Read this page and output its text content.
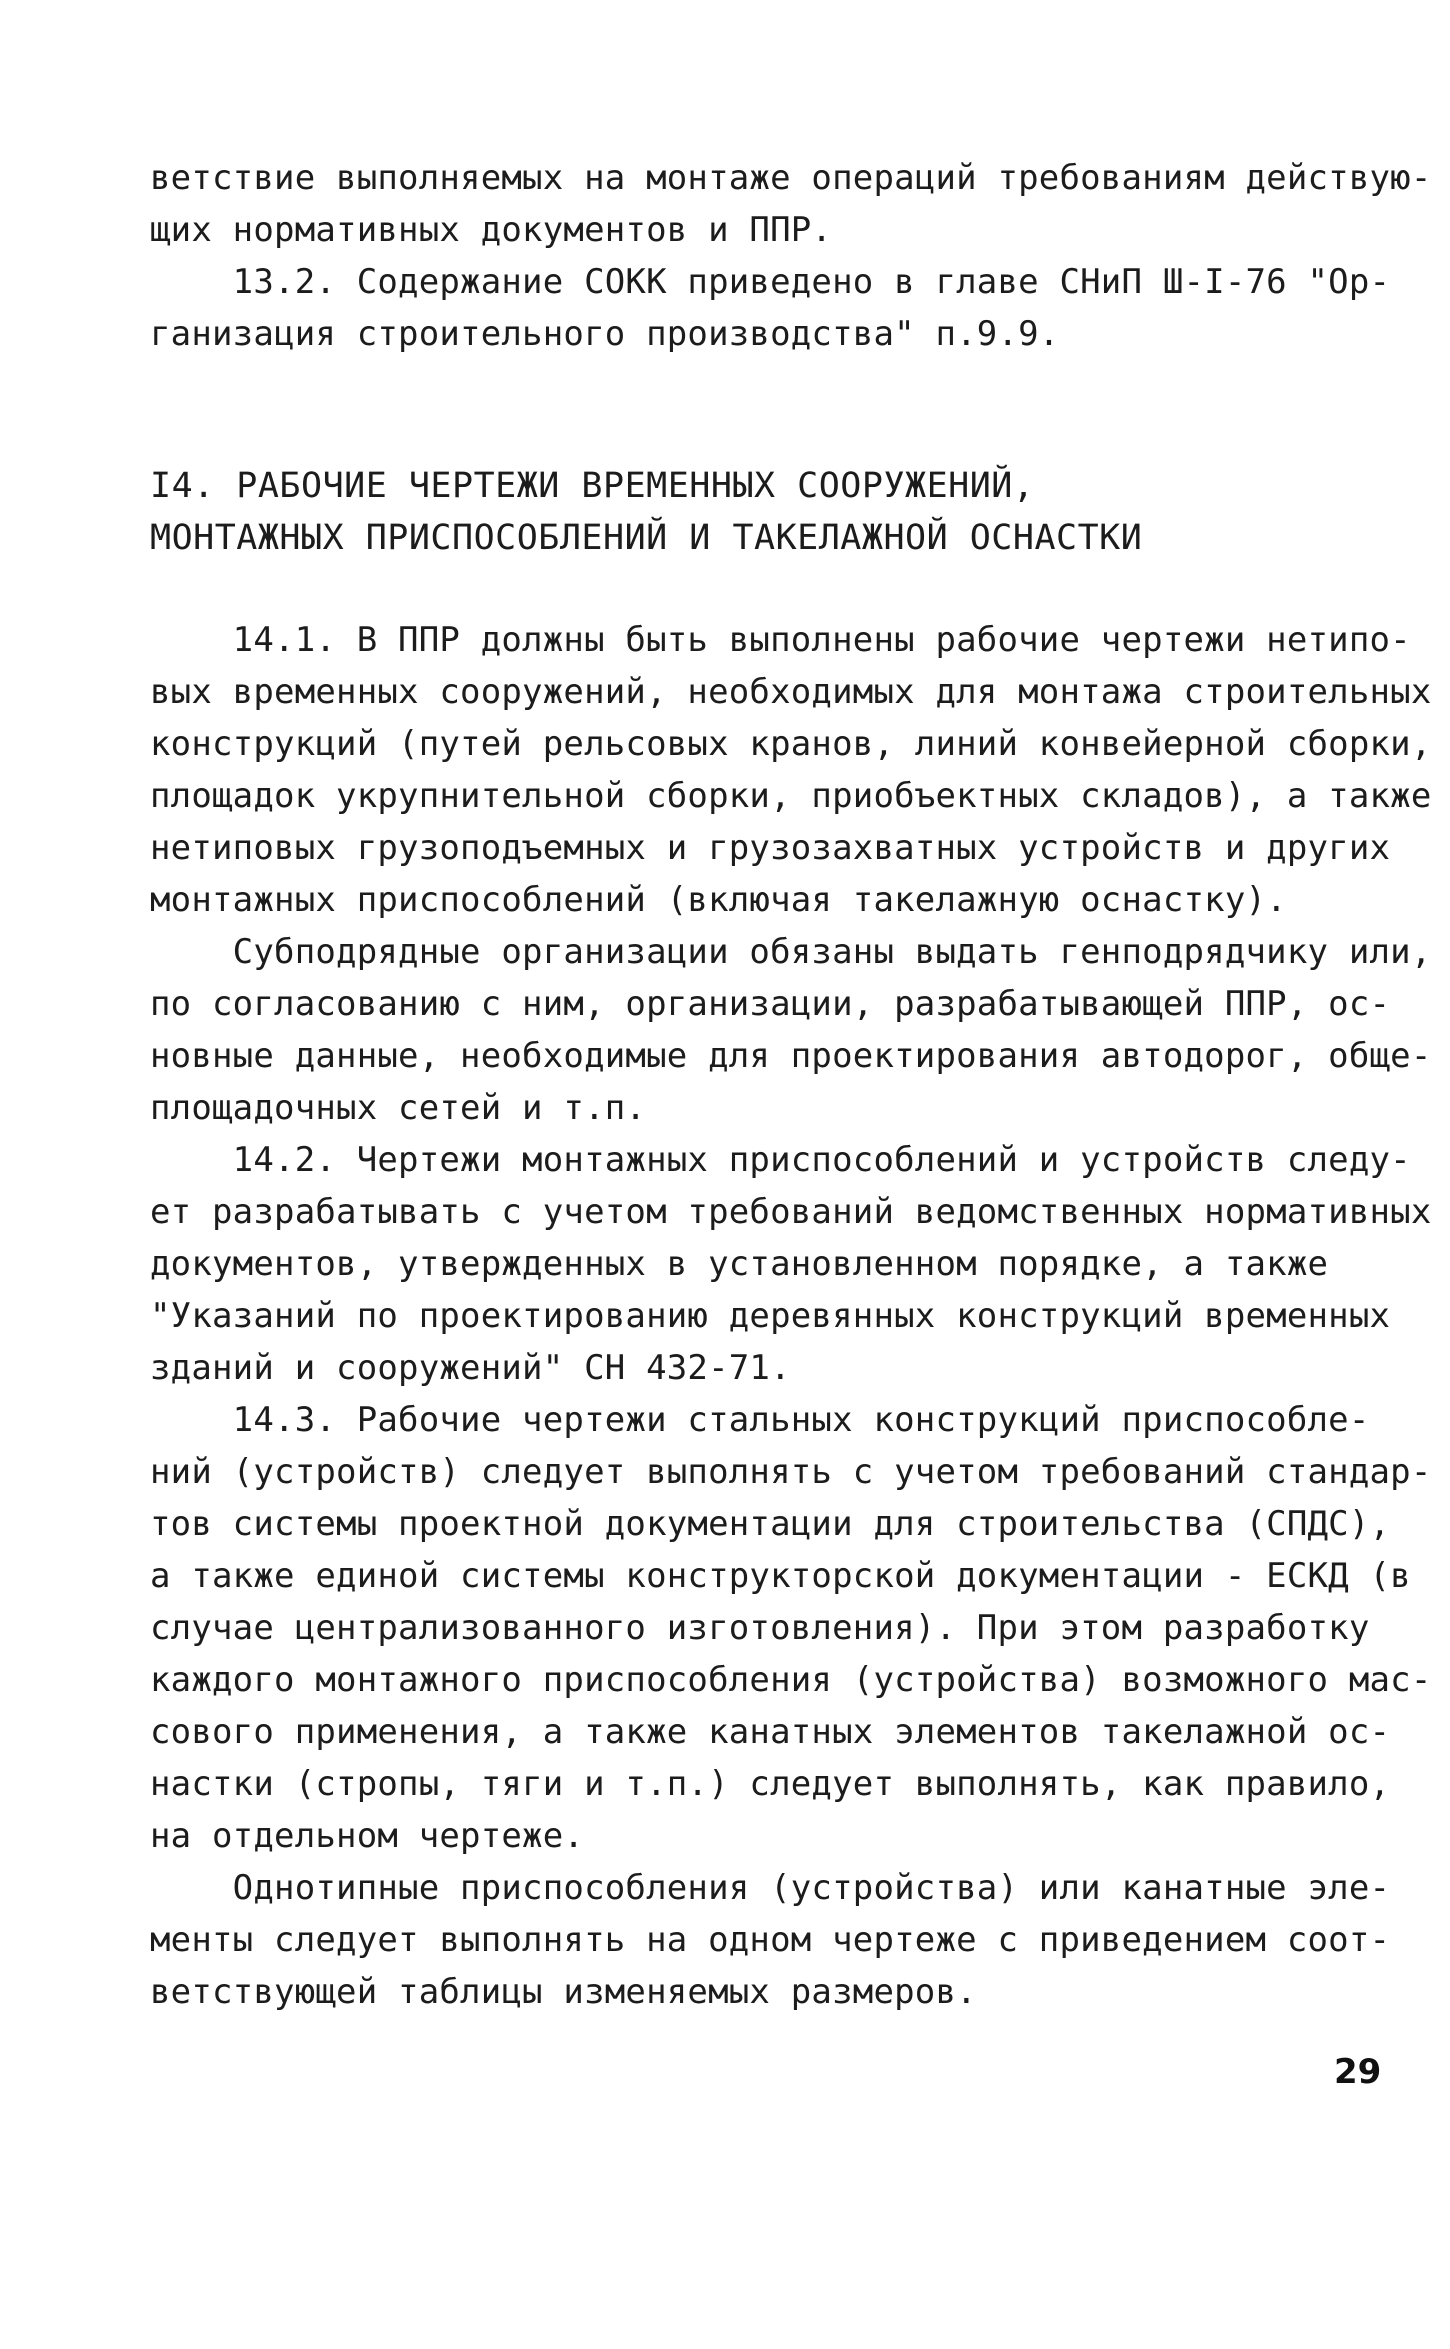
ветствие выполняемых на монтаже операций требованиям действую-
щих нормативных документов и ППР.
13.2. Содержание СОКК приведено в главе СНиП Ш-I-76 "Ор-
ганизация строительного производства" п.9.9.
I4. РАБОЧИЕ ЧЕРТЕЖИ ВРЕМЕННЫХ СООРУЖЕНИЙ,
МОНТАЖНЫХ ПРИСПОСОБЛЕНИЙ И ТАКЕЛАЖНОЙ ОСНАСТКИ
14.1. В ППР должны быть выполнены рабочие чертежи нетипо-
вых временных сооружений, необходимых для монтажа строительных
конструкций (путей рельсовых кранов, линий конвейерной сборки,
площадок укрупнительной сборки, приобъектных складов), а также
нетиповых грузоподъемных и грузозахватных устройств и других
монтажных приспособлений (включая такелажную оснастку).
Субподрядные организации обязаны выдать генподрядчику или,
по согласованию с ним, организации, разрабатывающей ППР, ос-
новные данные, необходимые для проектирования автодорог, обще-
площадочных сетей и т.п.
14.2. Чертежи монтажных приспособлений и устройств следу-
ет разрабатывать с учетом требований ведомственных нормативных
документов, утвержденных в установленном порядке, а также
"Указаний по проектированию деревянных конструкций временных
зданий и сооружений" СН 432-71.
14.3. Рабочие чертежи стальных конструкций приспособле-
ний (устройств) следует выполнять с учетом требований стандар-
тов системы проектной документации для строительства (СПДС),
а также единой системы конструкторской документации - ЕСКД (в
случае централизованного изготовления). При этом разработку
каждого монтажного приспособления (устройства) возможного мас-
сового применения, а также канатных элементов такелажной ос-
настки (стропы, тяги и т.п.) следует выполнять, как правило,
на отдельном чертеже.
Однотипные приспособления (устройства) или канатные эле-
менты следует выполнять на одном чертеже с приведением соот-
ветствующей таблицы изменяемых размеров.
29
